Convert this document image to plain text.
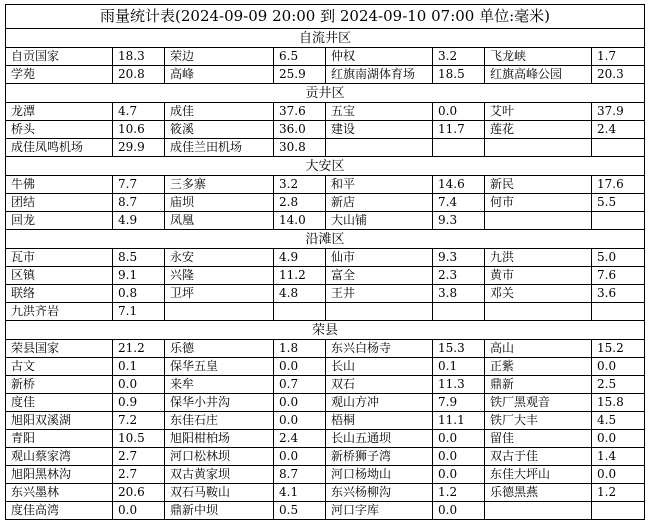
雨量统计表(2024-09-09 20:00 到 2024-09-10 07:00 单位:毫米)							
自流井区							
自贡国家	18.3	荣边	6.5	仲权	3.2	飞龙峡	1.7
学苑	20.8	高峰	25.9	红旗南湖体育场	18.5	红旗高峰公园	20.3
贡井区							
龙潭	4.7	成佳	37.6	五宝	0.0	艾叶	37.9
桥头	10.6	筱溪	36.0	建设	11.7	莲花	2.4
成佳凤鸣机场	29.9	成佳兰田机场	30.8				
大安区							
牛佛	7.7	三多寨	3.2	和平	14.6	新民	17.6
团结	8.7	庙坝	2.8	新店	7.4	何市	5.5
回龙	4.9	凤凰	14.0	大山铺	9.3		
沿滩区							
瓦市	8.5	永安	4.9	仙市	9.3	九洪	5.0
区镇	9.1	兴隆	11.2	富全	2.3	黄市	7.6
联络	0.8	卫坪	4.8	王井	3.8	邓关	3.6
九洪齐岩	7.1						
荣县							
荣县国家	21.2	乐德	1.8	东兴白杨寺	15.3	高山	15.2
古文	0.1	保华五皇	0.0	长山	0.1	正紫	0.0
新桥	0.0	来牟	0.7	双石	11.3	鼎新	2.5
度佳	0.9	保华小井沟	0.0	观山方冲	7.9	铁厂黑观音	15.8
旭阳双溪湖	7.2	东佳石庄	0.0	梧桐	11.1	铁厂大丰	4.5
青阳	10.5	旭阳柑柏场	2.4	长山五通坝	0.0	留佳	0.0
观山蔡家湾	2.7	河口松林坝	0.0	新桥狮子湾	0.0	双古于佳	1.4
旭阳黑林沟	2.7	双古黄家坝	8.7	河口杨坳山	0.0	东佳大坪山	0.0
东兴墨林	20.6	双石马鞍山	4.1	东兴杨柳沟	1.2	乐德黑燕	1.2
度佳高湾	0.0	鼎新中坝	0.5	河口字库	0.0		
